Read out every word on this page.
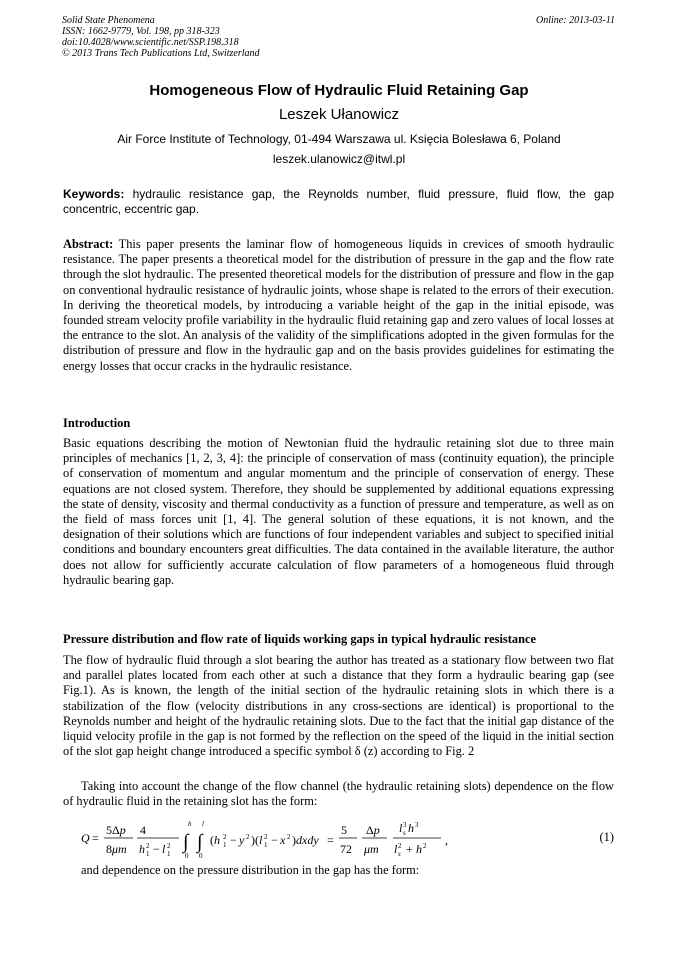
Solid State Phenomena
ISSN: 1662-9779, Vol. 198, pp 318-323
doi:10.4028/www.scientific.net/SSP.198.318
© 2013 Trans Tech Publications Ltd, Switzerland
Online: 2013-03-11
Homogeneous Flow of Hydraulic Fluid Retaining Gap
Leszek Ułanowicz
Air Force Institute of Technology, 01-494 Warszawa ul. Księcia Bolesława 6, Poland
leszek.ulanowicz@itwl.pl
Keywords: hydraulic resistance gap, the Reynolds number, fluid pressure, fluid flow, the gap concentric, eccentric gap.
Abstract: This paper presents the laminar flow of homogeneous liquids in crevices of smooth hydraulic resistance. The paper presents a theoretical model for the distribution of pressure in the gap and the flow rate through the slot hydraulic. The presented theoretical models for the distribution of pressure and flow in the gap on conventional hydraulic resistance of hydraulic joints, whose shape is related to the errors of their execution. In deriving the theoretical models, by introducing a variable height of the gap in the initial episode, was founded stream velocity profile variability in the hydraulic fluid retaining gap and zero values of local losses at the entrance to the slot. An analysis of the validity of the simplifications adopted in the given formulas for the distribution of pressure and flow in the hydraulic gap and on the basis provides guidelines for estimating the energy losses that occur cracks in the hydraulic resistance.
Introduction
Basic equations describing the motion of Newtonian fluid the hydraulic retaining slot due to three main principles of mechanics [1, 2, 3, 4]: the principle of conservation of mass (continuity equation), the principle of conservation of momentum and angular momentum and the principle of conservation of energy. These equations are not closed system. Therefore, they should be supplemented by additional equations expressing the state of density, viscosity and thermal conductivity as a function of pressure and temperature, as well as on the field of mass forces unit [1, 4]. The general solution of these equations, it is not known, and the designation of their solutions which are functions of four independent variables and subject to specified initial conditions and boundary encounters great difficulties. The data contained in the available literature, the author does not allow for sufficiently accurate calculation of flow parameters of a homogeneous fluid through hydraulic bearing gap.
Pressure distribution and flow rate of liquids working gaps in typical hydraulic resistance
The flow of hydraulic fluid through a slot bearing the author has treated as a stationary flow between two flat and parallel plates located from each other at such a distance that they form a hydraulic bearing gap (see Fig.1). As is known, the length of the initial section of the hydraulic retaining slots in which there is a stabilization of the flow (velocity distributions in any cross-sections are identical) is proportional to the Reynolds number and height of the hydraulic retaining slots. Due to the fact that the initial gap distance of the liquid velocity profile in the gap is not formed by the reflection on the speed of the liquid in the initial section of the slot gap height change introduced a specific symbol δ (z) according to Fig. 2
Taking into account the change of the flow channel (the hydraulic retaining slots) dependence on the flow of hydraulic fluid in the retaining slot has the form:
Q =
5Δp
8μm
4
h 2
1 − l 2
1
∫
h
0
∫
l
0
(h 2
1 − y 2 )(l 2
1 − x 2 )dxdy =
5
72
Δp
μm
l 3
s h 3
l 2
s + h 2 ,	(1)
and dependence on the pressure distribution in the gap has the form:
